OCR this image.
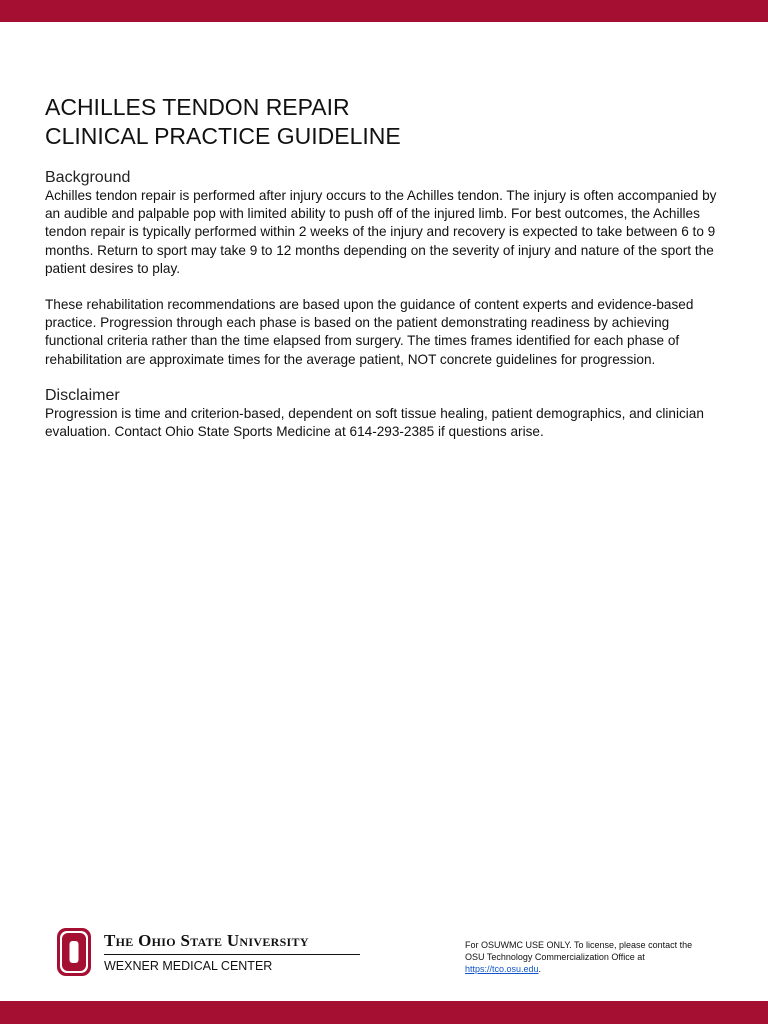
ACHILLES TENDON REPAIR
CLINICAL PRACTICE GUIDELINE
Background

Achilles tendon repair is performed after injury occurs to the Achilles tendon. The injury is often accompanied by an audible and palpable pop with limited ability to push off of the injured limb. For best outcomes, the Achilles tendon repair is typically performed within 2 weeks of the injury and recovery is expected to take between 6 to 9 months. Return to sport may take 9 to 12 months depending on the severity of injury and nature of the sport the patient desires to play.

These rehabilitation recommendations are based upon the guidance of content experts and evidence-based practice. Progression through each phase is based on the patient demonstrating readiness by achieving functional criteria rather than the time elapsed from surgery. The times frames identified for each phase of rehabilitation are approximate times for the average patient, NOT concrete guidelines for progression.

Disclaimer

Progression is time and criterion-based, dependent on soft tissue healing, patient demographics, and clinician evaluation. Contact Ohio State Sports Medicine at 614-293-2385 if questions arise.

The Ohio State University
WEXNER MEDICAL CENTER
For OSUWMC USE ONLY. To license, please contact the OSU Technology Commercialization Office at https://tco.osu.edu.
